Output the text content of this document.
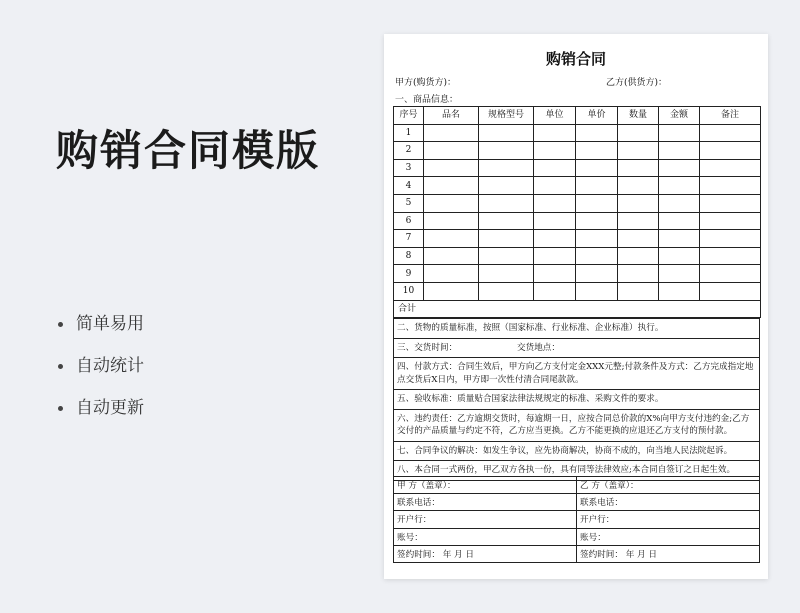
购销合同模版
简单易用
自动统计
自动更新
购销合同
甲方(购货方)：	乙方(供货方)：
一、商品信息：
序号	品名	规格型号	单位	单价	数量	金额	备注
1							
2							
3							
4							
5							
6							
7							
8							
9							
10							
合计							
二、货物的质量标准，按照（国家标准、行业标准、企业标准）执行。
三、交货时间：	交货地点：
四、付款方式：合同生效后，甲方向乙方支付定金XXX元整;付款条件及方式：乙方完成指定地点交货后X日内，甲方即一次性付清合同尾款款。
五、验收标准：质量贴合国家法律法规规定的标准、采购文件的要求。
六、违约责任：乙方逾期交货时，每逾期一日，应按合同总价款的X%向甲方支付违约金;乙方交付的产品质量与约定不符，乙方应当更换。乙方不能更换的应退还乙方支付的预付款。
七、合同争议的解决：如发生争议，应先协商解决，协商不成的，向当地人民法院起诉。
八、本合同一式两份，甲乙双方各执一份，具有同等法律效应;本合同自签订之日起生效。
甲 方（盖章）：	乙 方（盖章）：
联系电话：	联系电话：
开户行：	开户行：
账号：	账号：
签约时间： 年 月 日	签约时间： 年 月 日
